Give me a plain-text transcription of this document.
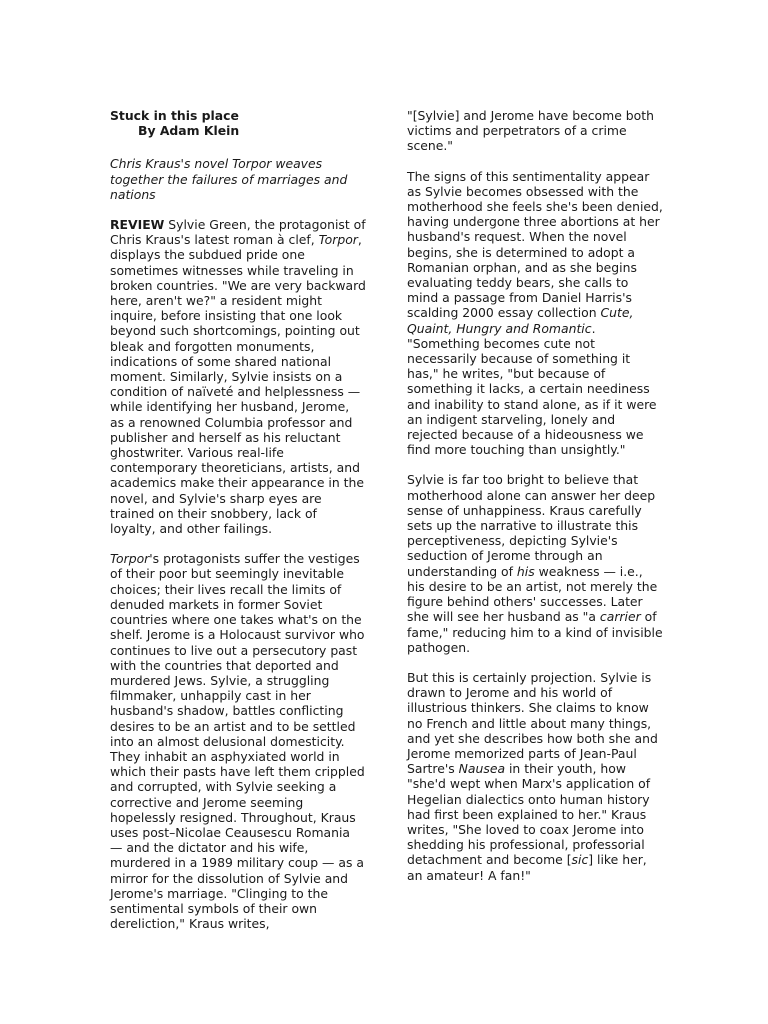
Stuck in this place

By Adam Klein

Chris Kraus's novel Torpor weaves together the failures of marriages and nations

REVIEW Sylvie Green, the protagonist of Chris Kraus's latest roman à clef, Torpor, displays the subdued pride one sometimes witnesses while traveling in broken countries. "We are very backward here, aren't we?" a resident might inquire, before insisting that one look beyond such shortcomings, pointing out bleak and forgotten monuments, indications of some shared national moment. Similarly, Sylvie insists on a condition of naïveté and helplessness — while identifying her husband, Jerome, as a renowned Columbia professor and publisher and herself as his reluctant ghostwriter. Various real-life contemporary theoreticians, artists, and academics make their appearance in the novel, and Sylvie's sharp eyes are trained on their snobbery, lack of loyalty, and other failings.

Torpor's protagonists suffer the vestiges of their poor but seemingly inevitable choices; their lives recall the limits of denuded markets in former Soviet countries where one takes what's on the shelf. Jerome is a Holocaust survivor who continues to live out a persecutory past with the countries that deported and murdered Jews. Sylvie, a struggling filmmaker, unhappily cast in her husband's shadow, battles conflicting desires to be an artist and to be settled into an almost delusional domesticity. They inhabit an asphyxiated world in which their pasts have left them crippled and corrupted, with Sylvie seeking a corrective and Jerome seeming hopelessly resigned. Throughout, Kraus uses post–Nicolae Ceausescu Romania — and the dictator and his wife, murdered in a 1989 military coup — as a mirror for the dissolution of Sylvie and Jerome's marriage. "Clinging to the sentimental symbols of their own dereliction," Kraus writes,

"[Sylvie] and Jerome have become both victims and perpetrators of a crime scene."

The signs of this sentimentality appear as Sylvie becomes obsessed with the motherhood she feels she's been denied, having undergone three abortions at her husband's request. When the novel begins, she is determined to adopt a Romanian orphan, and as she begins evaluating teddy bears, she calls to mind a passage from Daniel Harris's scalding 2000 essay collection Cute, Quaint, Hungry and Romantic. "Something becomes cute not necessarily because of something it has," he writes, "but because of something it lacks, a certain neediness and inability to stand alone, as if it were an indigent starveling, lonely and rejected because of a hideousness we find more touching than unsightly."

Sylvie is far too bright to believe that motherhood alone can answer her deep sense of unhappiness. Kraus carefully sets up the narrative to illustrate this perceptiveness, depicting Sylvie's seduction of Jerome through an understanding of his weakness — i.e., his desire to be an artist, not merely the figure behind others' successes. Later she will see her husband as "a carrier of fame," reducing him to a kind of invisible pathogen.

But this is certainly projection. Sylvie is drawn to Jerome and his world of illustrious thinkers. She claims to know no French and little about many things, and yet she describes how both she and Jerome memorized parts of Jean-Paul Sartre's Nausea in their youth, how "she'd wept when Marx's application of Hegelian dialectics onto human history had first been explained to her." Kraus writes, "She loved to coax Jerome into shedding his professional, professorial detachment and become [sic] like her, an amateur! A fan!"
